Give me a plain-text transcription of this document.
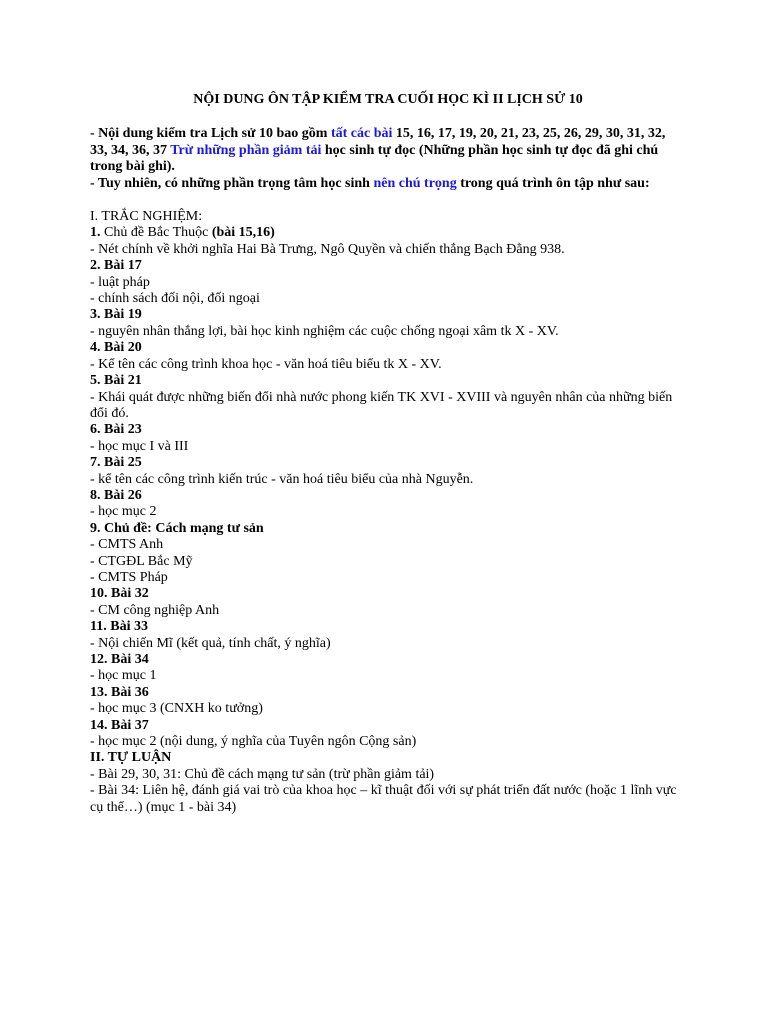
NỘI DUNG ÔN TẬP KIỂM TRA CUỐI HỌC KÌ II LỊCH SỬ 10

- Nội dung kiểm tra Lịch sử 10 bao gồm tất các bài 15, 16, 17, 19, 20, 21, 23, 25, 26, 29, 30, 31, 32, 33, 34, 36, 37 Trừ những phần giảm tải học sinh tự đọc (Những phần học sinh tự đọc đã ghi chú trong bài ghi).

- Tuy nhiên, có những phần trọng tâm học sinh nên chú trọng trong quá trình ôn tập như sau:

I. TRẮC NGHIỆM:

1. Chủ đề Bắc Thuộc (bài 15,16)

- Nét chính về khởi nghĩa Hai Bà Trưng, Ngô Quyền và chiến thắng Bạch Đằng 938.

2. Bài 17

- luật pháp

- chính sách đối nội, đối ngoại

3. Bài 19

- nguyên nhân thắng lợi, bài học kinh nghiệm các cuộc chống ngoại xâm tk X - XV.

4. Bài 20

- Kể tên các công trình khoa học - văn hoá tiêu biểu tk X - XV.

5. Bài 21

- Khái quát được những biến đổi nhà nước phong kiến TK XVI - XVIII và nguyên nhân của những biến đổi đó.

6. Bài 23

- học mục I và III

7. Bài 25

- kể tên các công trình kiến trúc - văn hoá tiêu biểu của nhà Nguyễn.

8. Bài 26

- học mục 2

9. Chủ đề: Cách mạng tư sản

- CMTS Anh

- CTGĐL Bắc Mỹ

- CMTS Pháp

10. Bài 32

- CM công nghiệp Anh

11. Bài 33

- Nội chiến Mĩ (kết quả, tính chất, ý nghĩa)

12. Bài 34

- học mục 1

13. Bài 36

- học mục 3 (CNXH ko tưởng)

14. Bài 37

- học mục 2 (nội dung, ý nghĩa của Tuyên ngôn Cộng sản)

II. TỰ LUẬN

- Bài 29, 30, 31: Chủ đề cách mạng tư sản (trừ phần giảm tải)

- Bài 34: Liên hệ, đánh giá vai trò của khoa học – kĩ thuật đối với sự phát triển đất nước (hoặc 1 lĩnh vực cụ thể…) (mục 1 - bài 34)
